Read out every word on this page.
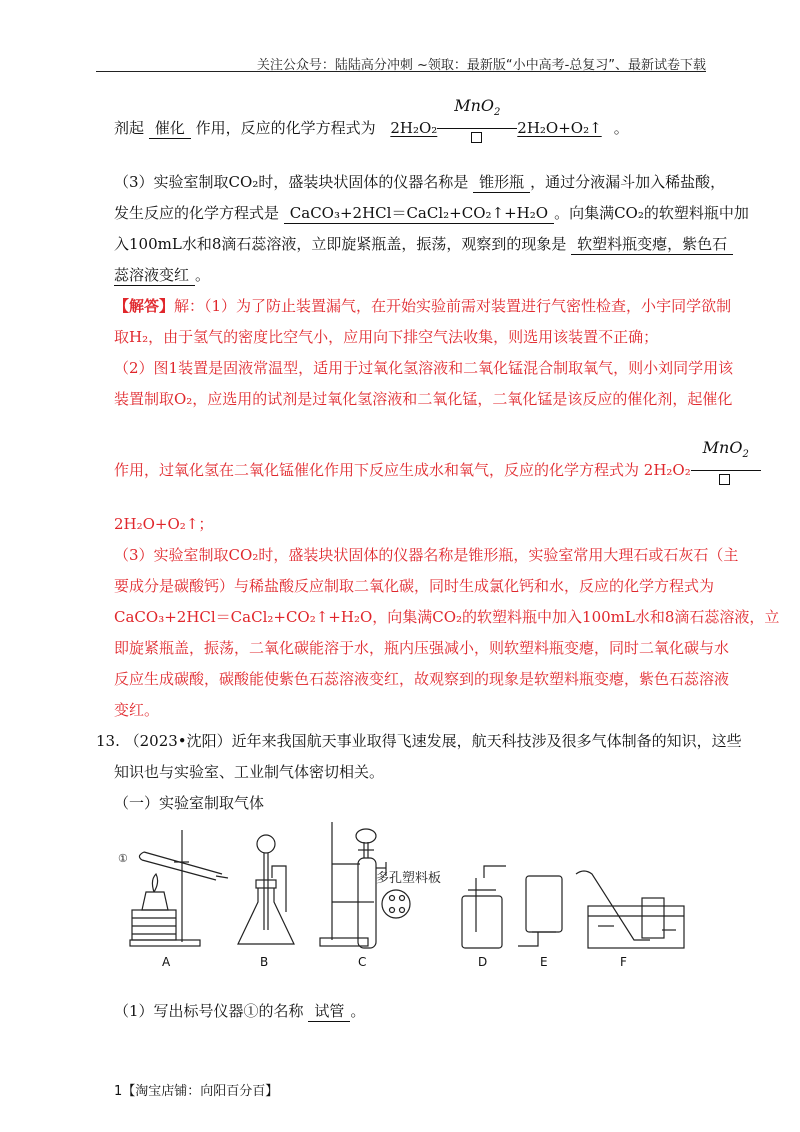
关注公众号：陆陆高分冲刺 ~领取：最新版“小中高考-总复习”、最新试卷下载
剂起 催化 作用，反应的化学方程式为 2H₂O₂
MnO$_2$
2H₂O+O₂↑ 。
（3）实验室制取CO₂时，盛装块状固体的仪器名称是 锥形瓶 ，通过分液漏斗加入稀盐酸，
发生反应的化学方程式是 CaCO₃+2HCl＝CaCl₂+CO₂↑+H₂O 。向集满CO₂的软塑料瓶中加
入100mL水和8滴石蕊溶液，立即旋紧瓶盖，振荡，观察到的现象是 软塑料瓶变瘪，紫色石
蕊溶液变红 。
【解答】解：（1）为了防止装置漏气，在开始实验前需对装置进行气密性检查，小宇同学欲制
取H₂，由于氢气的密度比空气小，应用向下排空气法收集，则选用该装置不正确；
（2）图1装置是固液常温型，适用于过氧化氢溶液和二氧化锰混合制取氧气，则小刘同学用该
装置制取O₂，应选用的试剂是过氧化氢溶液和二氧化锰，二氧化锰是该反应的催化剂，起催化
作用，过氧化氢在二氧化锰催化作用下反应生成水和氧气，反应的化学方程式为 2H₂O₂
MnO$_2$

2H₂O+O₂↑；
（3）实验室制取CO₂时，盛装块状固体的仪器名称是锥形瓶，实验室常用大理石或石灰石（主
要成分是碳酸钙）与稀盐酸反应制取二氧化碳，同时生成氯化钙和水，反应的化学方程式为
CaCO₃+2HCl＝CaCl₂+CO₂↑+H₂O，向集满CO₂的软塑料瓶中加入100mL水和8滴石蕊溶液，立
即旋紧瓶盖，振荡，二氧化碳能溶于水，瓶内压强减小，则软塑料瓶变瘪，同时二氧化碳与水
反应生成碳酸，碳酸能使紫色石蕊溶液变红，故观察到的现象是软塑料瓶变瘪，紫色石蕊溶液
变红。
13. （2023•沈阳）近年来我国航天事业取得飞速发展，航天科技涉及很多气体制备的知识，这些
知识也与实验室、工业制气体密切相关。
（一）实验室制取气体
①
多孔塑料板
A	B	C	D	E	F
（1）写出标号仪器①的名称 试管 。
1【淘宝店铺：向阳百分百】
